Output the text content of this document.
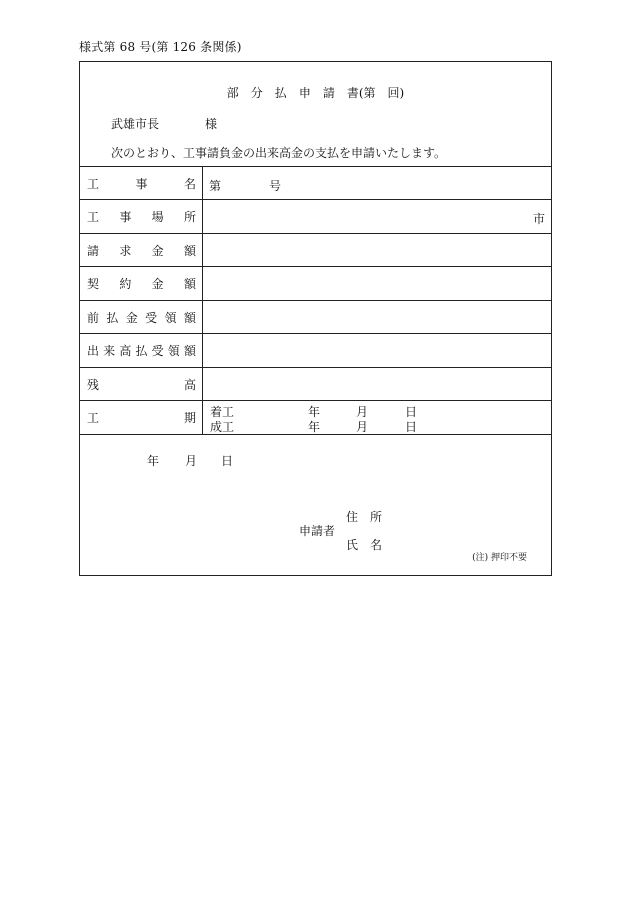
様式第 68 号(第 126 条関係)
部 分 払 申 請 書(第 回)
武雄市長	様
次のとおり、工事請負金の出来高金の支払を申請いたします。
工	事	名 第	号
工 事 場 所	市
請 求 金 額
契 約 金 額
前 払 金 受 領 額
出 来 高 払 受 領 額
残	高
工	期 着工	年	月	日
成工	年	月	日
年 月 日
住 所
申請者
氏 名
(注) 押印不要
